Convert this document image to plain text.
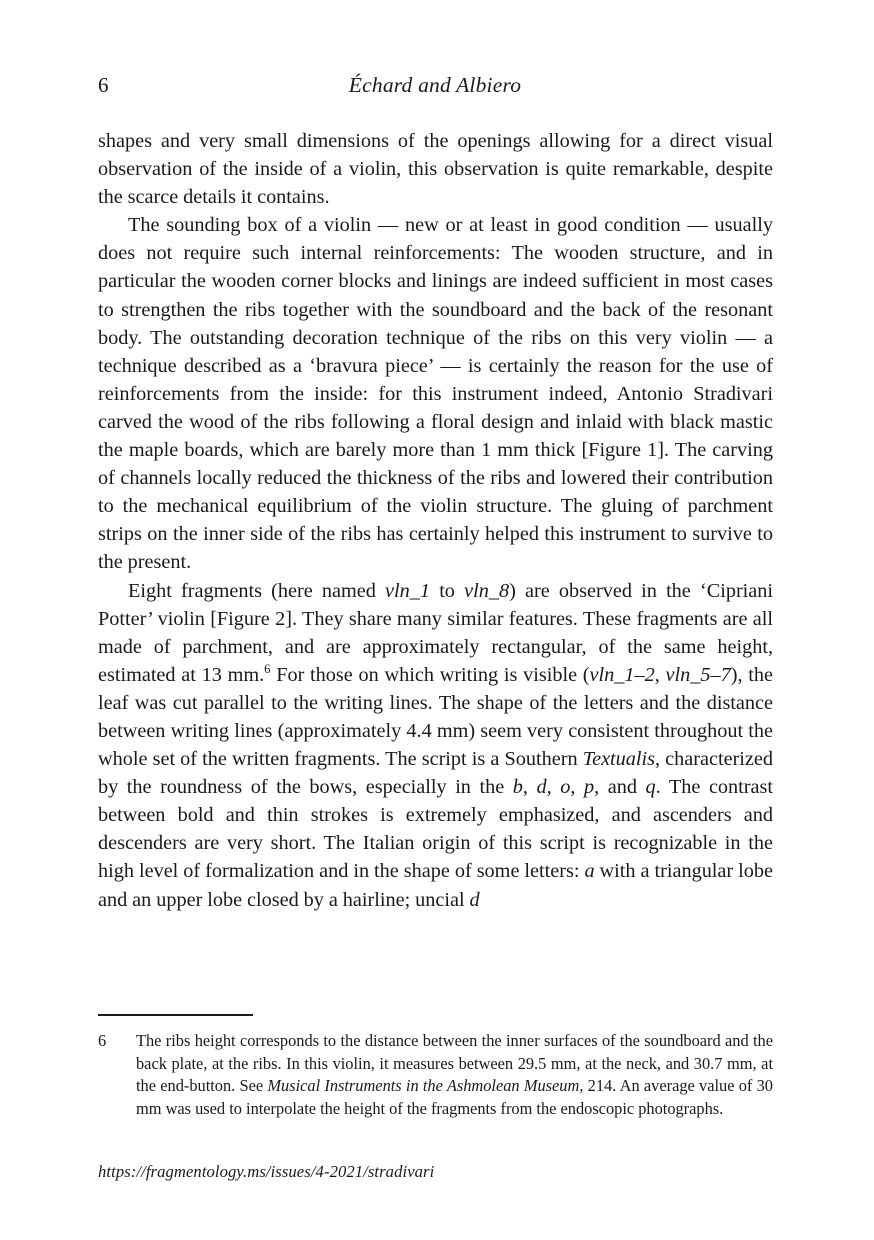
6	Échard and Albiero

shapes and very small dimensions of the openings allowing for a direct visual observation of the inside of a violin, this observation is quite remarkable, despite the scarce details it contains.

The sounding box of a violin — new or at least in good condition — usually does not require such internal reinforcements: The wooden structure, and in particular the wooden corner blocks and linings are indeed sufficient in most cases to strengthen the ribs together with the soundboard and the back of the resonant body. The outstanding decoration technique of the ribs on this very violin — a technique described as a ‘bravura piece’ — is certainly the reason for the use of reinforcements from the inside: for this instrument indeed, Antonio Stradivari carved the wood of the ribs following a floral design and inlaid with black mastic the maple boards, which are barely more than 1 mm thick [Figure 1]. The carving of channels locally reduced the thickness of the ribs and lowered their contribution to the mechanical equilibrium of the violin structure. The gluing of parchment strips on the inner side of the ribs has certainly helped this instrument to survive to the present.

Eight fragments (here named vln_1 to vln_8) are observed in the ‘Cipriani Potter’ violin [Figure 2]. They share many similar features. These fragments are all made of parchment, and are approximately rectangular, of the same height, estimated at 13 mm.$^6$ For those on which writing is visible (vln_1–2, vln_5–7), the leaf was cut parallel to the writing lines. The shape of the letters and the distance between writing lines (approximately 4.4 mm) seem very consistent throughout the whole set of the written fragments. The script is a Southern Textualis, characterized by the roundness of the bows, especially in the b, d, o, p, and q. The contrast between bold and thin strokes is extremely emphasized, and ascenders and descenders are very short. The Italian origin of this script is recognizable in the high level of formalization and in the shape of some letters: a with a triangular lobe and an upper lobe closed by a hairline; uncial d

6	The ribs height corresponds to the distance between the inner surfaces of the soundboard and the back plate, at the ribs. In this violin, it measures between 29.5 mm, at the neck, and 30.7 mm, at the end-button. See Musical Instruments in the Ashmolean Museum, 214. An average value of 30 mm was used to interpolate the height of the fragments from the endoscopic photographs.
https://fragmentology.ms/issues/4-2021/stradivari
